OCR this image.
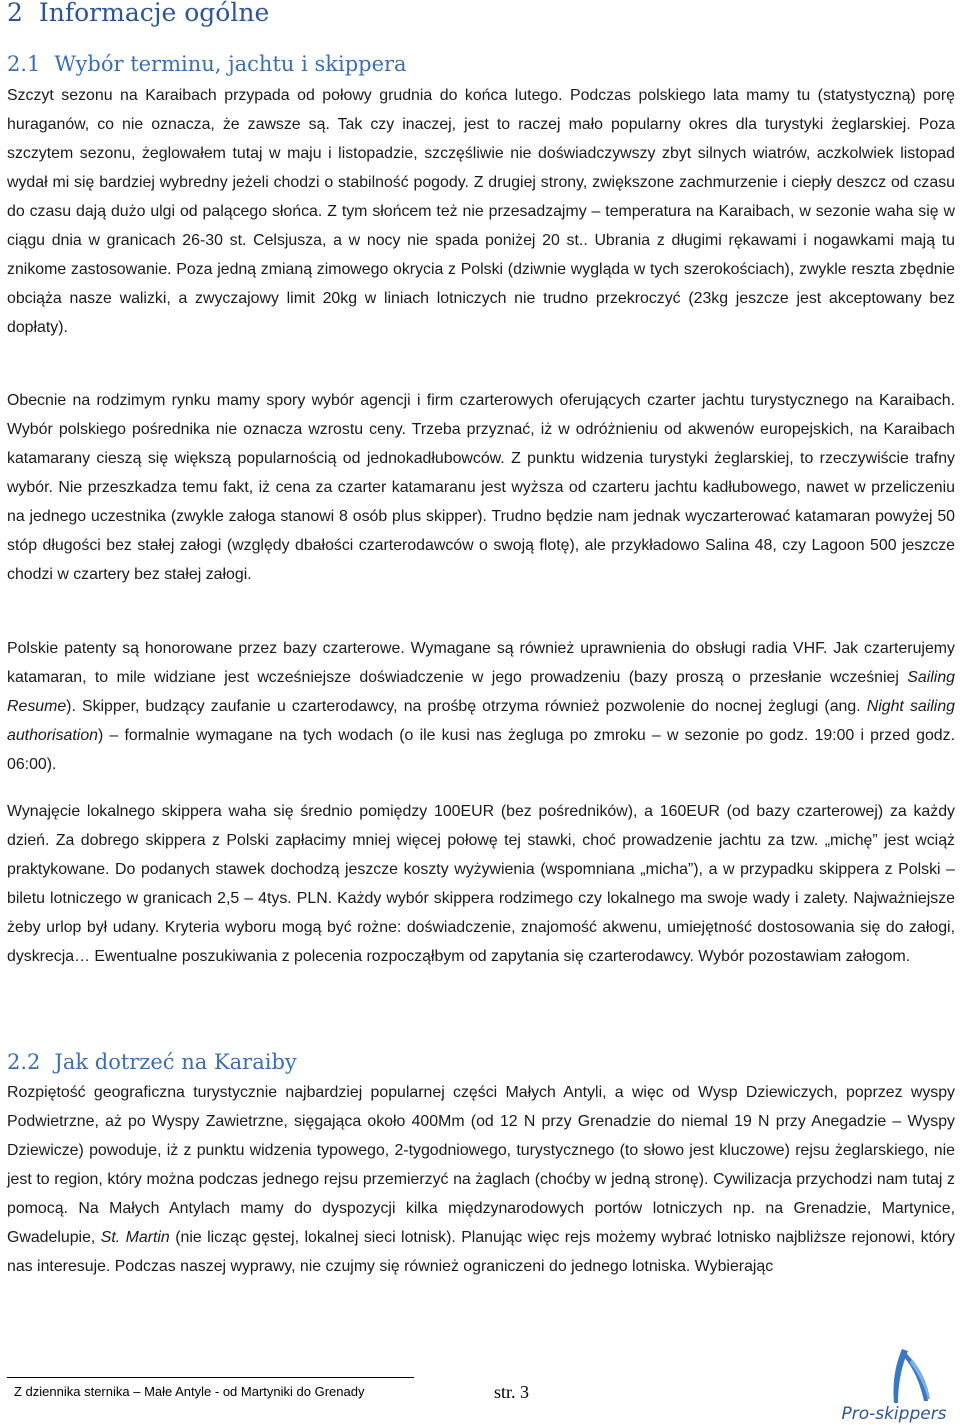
2 Informacje ogólne
2.1 Wybór terminu, jachtu i skippera

Szczyt sezonu na Karaibach przypada od połowy grudnia do końca lutego. Podczas polskiego lata mamy tu (statystyczną) porę huraganów, co nie oznacza, że zawsze są. Tak czy inaczej, jest to raczej mało popularny okres dla turystyki żeglarskiej. Poza szczytem sezonu, żeglowałem tutaj w maju i listopadzie, szczęśliwie nie doświadczywszy zbyt silnych wiatrów, aczkolwiek listopad wydał mi się bardziej wybredny jeżeli chodzi o stabilność pogody. Z drugiej strony, zwiększone zachmurzenie i ciepły deszcz od czasu do czasu dają dużo ulgi od palącego słońca. Z tym słońcem też nie przesadzajmy – temperatura na Karaibach, w sezonie waha się w ciągu dnia w granicach 26-30 st. Celsjusza, a w nocy nie spada poniżej 20 st.. Ubrania z długimi rękawami i nogawkami mają tu znikome zastosowanie. Poza jedną zmianą zimowego okrycia z Polski (dziwnie wygląda w tych szerokościach), zwykle reszta zbędnie obciąża nasze walizki, a zwyczajowy limit 20kg w liniach lotniczych nie trudno przekroczyć (23kg jeszcze jest akceptowany bez dopłaty).

Obecnie na rodzimym rynku mamy spory wybór agencji i firm czarterowych oferujących czarter jachtu turystycznego na Karaibach. Wybór polskiego pośrednika nie oznacza wzrostu ceny. Trzeba przyznać, iż w odróżnieniu od akwenów europejskich, na Karaibach katamarany cieszą się większą popularnością od jednokadłubowców. Z punktu widzenia turystyki żeglarskiej, to rzeczywiście trafny wybór. Nie przeszkadza temu fakt, iż cena za czarter katamaranu jest wyższa od czarteru jachtu kadłubowego, nawet w przeliczeniu na jednego uczestnika (zwykle załoga stanowi 8 osób plus skipper). Trudno będzie nam jednak wyczarterować katamaran powyżej 50 stóp długości bez stałej załogi (względy dbałości czarterodawców o swoją flotę), ale przykładowo Salina 48, czy Lagoon 500 jeszcze chodzi w czartery bez stałej załogi.

Polskie patenty są honorowane przez bazy czarterowe. Wymagane są również uprawnienia do obsługi radia VHF. Jak czarterujemy katamaran, to mile widziane jest wcześniejsze doświadczenie w jego prowadzeniu (bazy proszą o przesłanie wcześniej Sailing Resume). Skipper, budzący zaufanie u czarterodawcy, na prośbę otrzyma również pozwolenie do nocnej żeglugi (ang. Night sailing authorisation) – formalnie wymagane na tych wodach (o ile kusi nas żegluga po zmroku – w sezonie po godz. 19:00 i przed godz. 06:00).

Wynajęcie lokalnego skippera waha się średnio pomiędzy 100EUR (bez pośredników), a 160EUR (od bazy czarterowej) za każdy dzień. Za dobrego skippera z Polski zapłacimy mniej więcej połowę tej stawki, choć prowadzenie jachtu za tzw. „michę” jest wciąż praktykowane. Do podanych stawek dochodzą jeszcze koszty wyżywienia (wspomniana „micha”), a w przypadku skippera z Polski – biletu lotniczego w granicach 2,5 – 4tys. PLN. Każdy wybór skippera rodzimego czy lokalnego ma swoje wady i zalety. Najważniejsze żeby urlop był udany. Kryteria wyboru mogą być rożne: doświadczenie, znajomość akwenu, umiejętność dostosowania się do załogi, dyskrecja… Ewentualne poszukiwania z polecenia rozpocząłbym od zapytania się czarterodawcy. Wybór pozostawiam załogom.

2.2 Jak dotrzeć na Karaiby

Rozpiętość geograficzna turystycznie najbardziej popularnej części Małych Antyli, a więc od Wysp Dziewiczych, poprzez wyspy Podwietrzne, aż po Wyspy Zawietrzne, sięgająca około 400Mm (od 12 N przy Grenadzie do niemal 19 N przy Anegadzie – Wyspy Dziewicze) powoduje, iż z punktu widzenia typowego, 2-tygodniowego, turystycznego (to słowo jest kluczowe) rejsu żeglarskiego, nie jest to region, który można podczas jednego rejsu przemierzyć na żaglach (choćby w jedną stronę). Cywilizacja przychodzi nam tutaj z pomocą. Na Małych Antylach mamy do dyspozycji kilka międzynarodowych portów lotniczych np. na Grenadzie, Martynice, Gwadelupie, St. Martin (nie licząc gęstej, lokalnej sieci lotnisk). Planując więc rejs możemy wybrać lotnisko najbliższe rejonowi, który nas interesuje. Podczas naszej wyprawy, nie czujmy się również ograniczeni do jednego lotniska. Wybierając

Z dziennika sternika – Małe Antyle - od Martyniki do Grenady	str. 3
Pro-skippers
